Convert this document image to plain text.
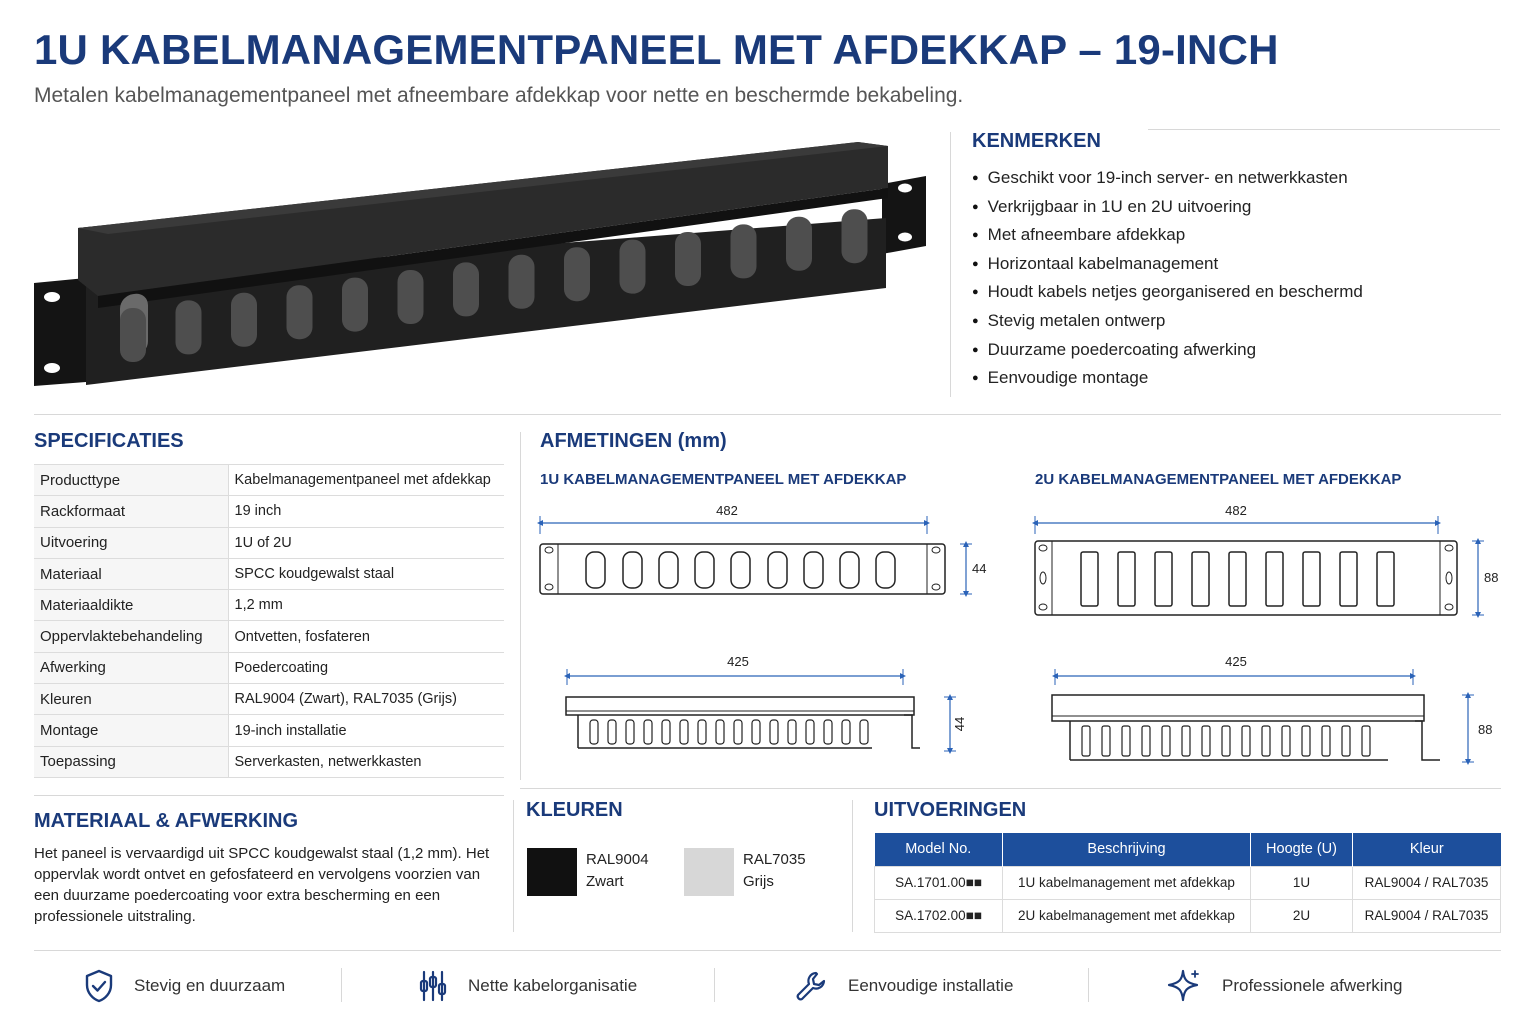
1U KABELMANAGEMENTPANEEL MET AFDEKKAP – 19-INCH
Metalen kabelmanagementpaneel met afneembare afdekkap voor nette en beschermde bekabeling.
KENMERKEN
● Geschikt voor 19-inch server- en netwerkkasten
● Verkrijgbaar in 1U en 2U uitvoering
● Met afneembare afdekkap
● Horizontaal kabelmanagement
● Houdt kabels netjes georganisered en beschermd
● Stevig metalen ontwerp
● Duurzame poedercoating afwerking
● Eenvoudige montage
SPECIFICATIES
Producttype	Kabelmanagementpaneel met afdekkap
Rackformaat	19 inch
Uitvoering	1U of 2U
Materiaal	SPCC koudgewalst staal
Materiaaldikte	1,2 mm
Oppervlaktebehandeling	Ontvetten, fosfateren
Afwerking	Poedercoating
Kleuren	RAL9004 (Zwart), RAL7035 (Grijs)
Montage	19-inch installatie
Toepassing	Serverkasten, netwerkkasten
AFMETINGEN (mm)
1U KABELMANAGEMENTPANEEL MET AFDEKKAP	2U KABELMANAGEMENTPANEEL MET AFDEKKAP
482
44
425
44
482
88
425
88
MATERIAAL & AFWERKING
Het paneel is vervaardigd uit SPCC koudgewalst staal (1,2 mm). Het oppervlak wordt ontvet en gefosfateerd en vervolgens voorzien van een duurzame poedercoating voor extra bescherming en een professionele uitstraling.
KLEUREN
RAL9004
Zwart
RAL7035
Grijs
UITVOERINGEN
Model No.	Beschrijving	Hoogte (U)	Kleur
SA.1701.00■■	1U kabelmanagement met afdekkap	1U	RAL9004 / RAL7035
SA.1702.00■■	2U kabelmanagement met afdekkap	2U	RAL9004 / RAL7035
Stevig en duurzaam	Nette kabelorganisatie	Eenvoudige installatie	Professionele afwerking
